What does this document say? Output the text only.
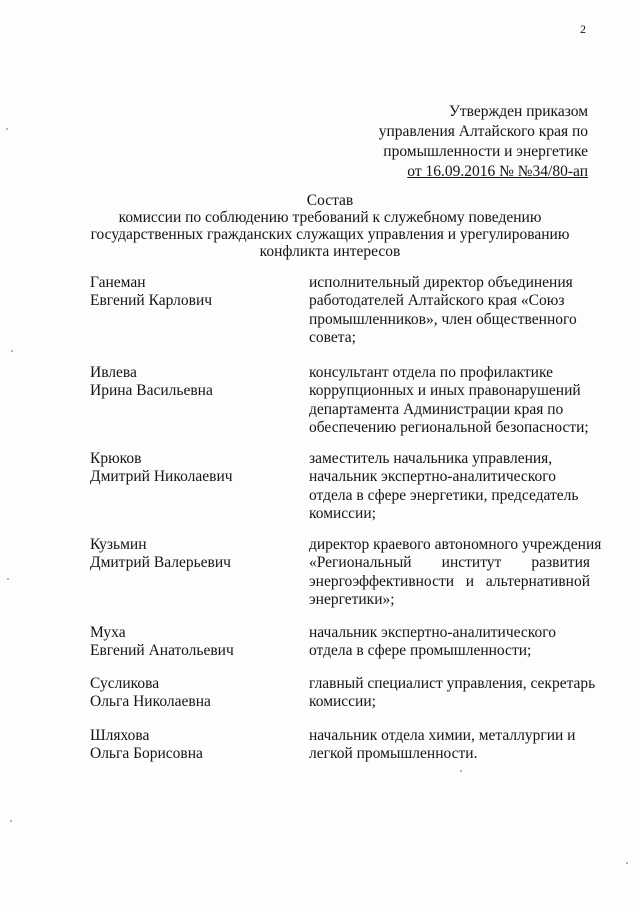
2
Утвержден приказом
управления Алтайского края по
промышленности и энергетике
от 16.09.2016 № №34/80-ап
Состав
комиссии по соблюдению требований к служебному поведению
государственных гражданских служащих управления и урегулированию
конфликта интересов
Ганеман
Евгений Карлович
исполнительный директор объединения
работодателей Алтайского края «Союз
промышленников», член общественного
совета;
Ивлева
Ирина Васильевна
консультант отдела по профилактике
коррупционных и иных правонарушений
департамента Администрации края по
обеспечению региональной безопасности;
Крюков
Дмитрий Николаевич
заместитель начальника управления,
начальник экспертно-аналитического
отдела в сфере энергетики, председатель
комиссии;
Кузьмин
Дмитрий Валерьевич
директор краевого автономного учреждения
«Региональный институт развития
энергоэффективности и альтернативной
энергетики»;
Муха
Евгений Анатольевич
начальник экспертно-аналитического
отдела в сфере промышленности;
Сусликова
Ольга Николаевна
главный специалист управления, секретарь
комиссии;
Шляхова
Ольга Борисовна
начальник отдела химии, металлургии и
легкой промышленности.
